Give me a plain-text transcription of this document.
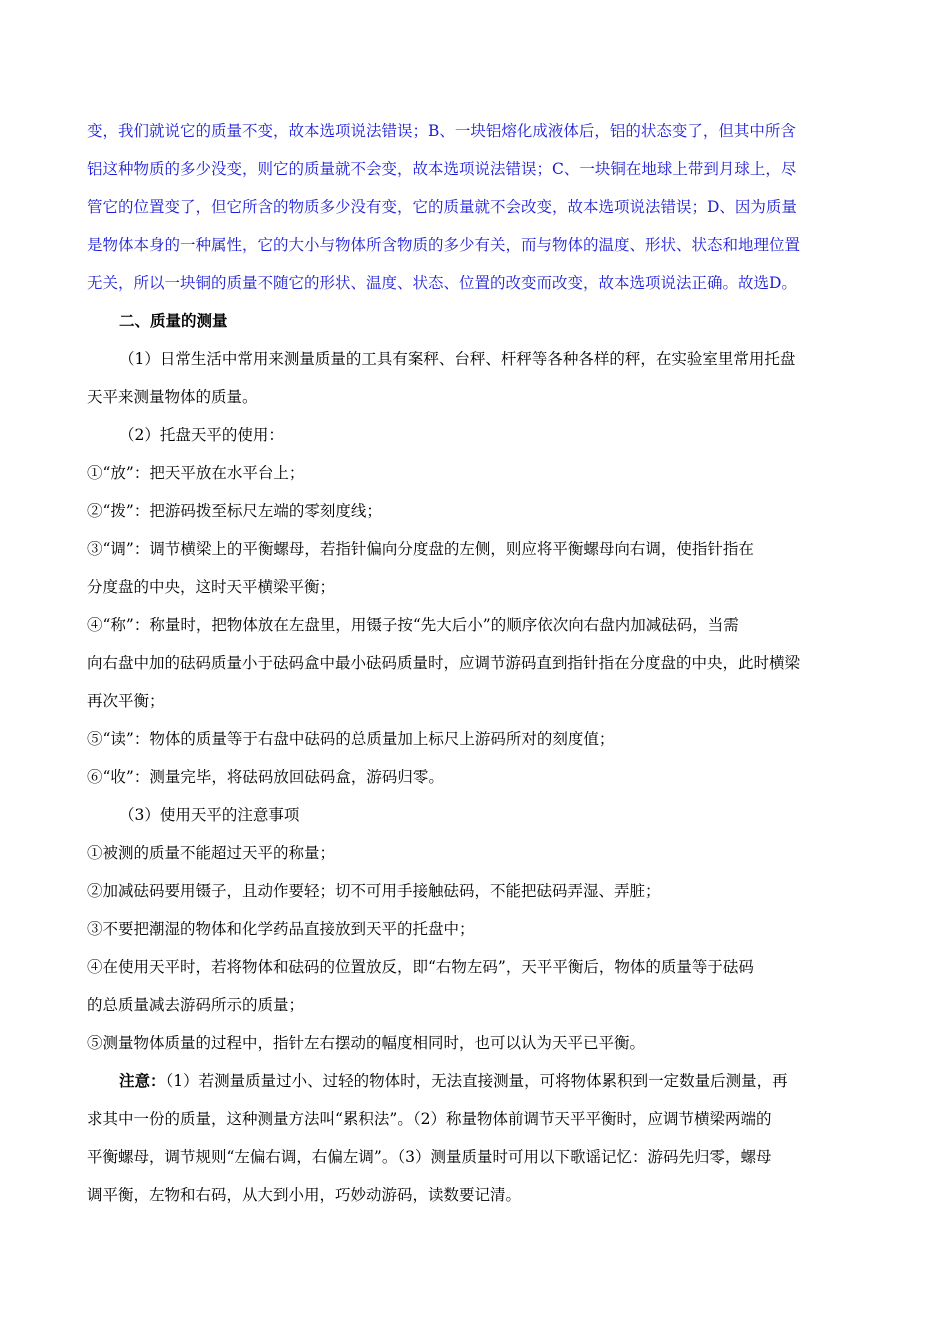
变，我们就说它的质量不变，故本选项说法错误；B、一块铝熔化成液体后，铝的状态变了，但其中所含

铝这种物质的多少没变，则它的质量就不会变，故本选项说法错误；C、一块铜在地球上带到月球上，尽

管它的位置变了，但它所含的物质多少没有变，它的质量就不会改变，故本选项说法错误；D、因为质量

是物体本身的一种属性，它的大小与物体所含物质的多少有关，而与物体的温度、形状、状态和地理位置

无关，所以一块铜的质量不随它的形状、温度、状态、位置的改变而改变，故本选项说法正确。故选D。

二、质量的测量

（1）日常生活中常用来测量质量的工具有案秤、台秤、杆秤等各种各样的秤，在实验室里常用托盘

天平来测量物体的质量。

（2）托盘天平的使用：

①“放”：把天平放在水平台上；

②“拨”：把游码拨至标尺左端的零刻度线；

③“调”：调节横梁上的平衡螺母，若指针偏向分度盘的左侧，则应将平衡螺母向右调，使指针指在

分度盘的中央，这时天平横梁平衡；

④“称”：称量时，把物体放在左盘里，用镊子按“先大后小”的顺序依次向右盘内加减砝码，当需

向右盘中加的砝码质量小于砝码盒中最小砝码质量时，应调节游码直到指针指在分度盘的中央，此时横梁

再次平衡；

⑤“读”：物体的质量等于右盘中砝码的总质量加上标尺上游码所对的刻度值；

⑥“收”：测量完毕，将砝码放回砝码盒，游码归零。

（3）使用天平的注意事项

①被测的质量不能超过天平的称量；

②加减砝码要用镊子，且动作要轻；切不可用手接触砝码，不能把砝码弄湿、弄脏；

③不要把潮湿的物体和化学药品直接放到天平的托盘中；

④在使用天平时，若将物体和砝码的位置放反，即“右物左码”，天平平衡后，物体的质量等于砝码

的总质量减去游码所示的质量；

⑤测量物体质量的过程中，指针左右摆动的幅度相同时，也可以认为天平已平衡。

注意：（1）若测量质量过小、过轻的物体时，无法直接测量，可将物体累积到一定数量后测量，再

求其中一份的质量，这种测量方法叫“累积法”。（2）称量物体前调节天平平衡时，应调节横梁两端的

平衡螺母，调节规则“左偏右调，右偏左调”。（3）测量质量时可用以下歌谣记忆：游码先归零，螺母

调平衡，左物和右码，从大到小用，巧妙动游码，读数要记清。
